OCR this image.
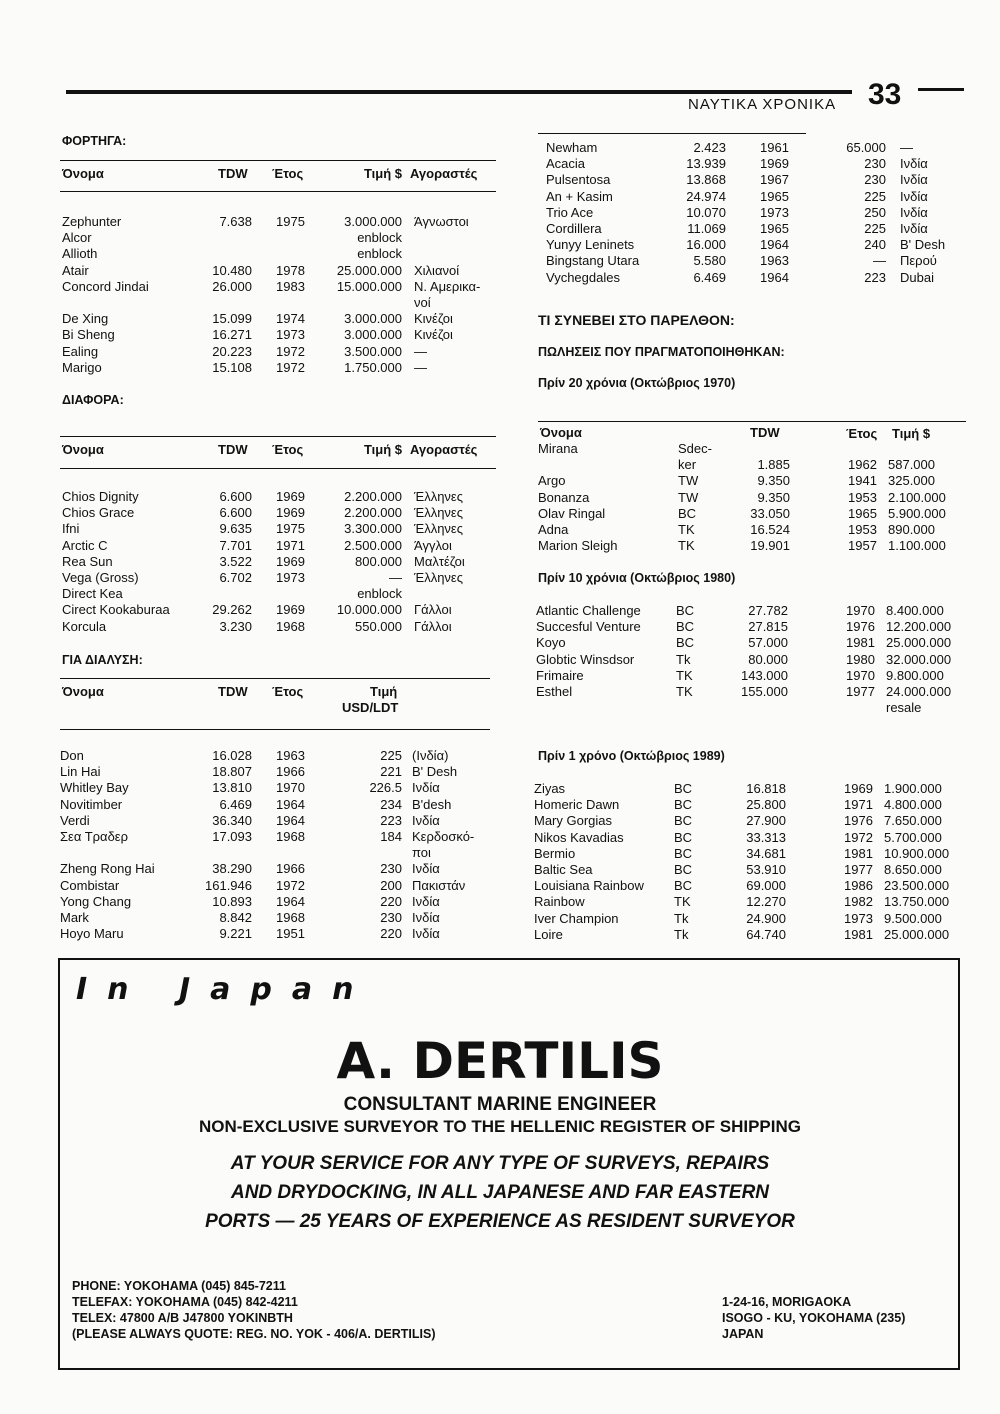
ΝΑΥΤΙΚΑ ΧΡΟΝΙΚΑ 33
ΦΟΡΤΗΓΑ:
Όνομα	TDW Έτος	Τιμή $ Αγοραστές
Zephunter	7.638 1975	3.000.000 Άγνωστοι
Alcor	enblock
Allioth	enblock
Atair	10.480 1978	25.000.000 Χιλιανοί
Concord Jindai	26.000 1983	15.000.000 Ν. Αμερικα-
νοί
De Xing	15.099 1974	3.000.000 Κινέζοι
Bi Sheng	16.271 1973	3.000.000 Κινέζοι
Ealing	20.223 1972	3.500.000 —
Marigo	15.108 1972	1.750.000 —
ΔΙΑΦΟΡΑ:
Όνομα	TDW Έτος	Τιμή $ Αγοραστές
Chios Dignity	6.600 1969	2.200.000 Έλληνες
Chios Grace	6.600 1969	2.200.000 Έλληνες
Ifni	9.635 1975	3.300.000 Έλληνες
Arctic C	7.701 1971	2.500.000 Άγγλοι
Rea Sun	3.522 1969	800.000 Μαλτέζοι
Vega (Gross)	6.702 1973	— Έλληνες
Direct Kea	enblock
Cirect Kookaburaa	29.262 1969	10.000.000 Γάλλοι
Korcula	3.230 1968	550.000 Γάλλοι
ΓΙΑ ΔΙΑΛΥΣΗ:
Όνομα	TDW Έτος	Τιμή
USD/LDT
Don	16.028 1963	225 (Ινδία)
Lin Hai	18.807 1966	221 B' Desh
Whitley Bay	13.810 1970	226.5 Ινδία
Novitimber	6.469 1964	234 B'desh
Verdi	36.340 1964	223 Ινδία
Σεα Τραδερ	17.093 1968	184 Κερδοσκό-
ποι
Zheng Rong Hai	38.290 1966	230 Ινδία
Combistar	161.946 1972	200 Πακιστάν
Yong Chang	10.893 1964	220 Ινδία
Mark	8.842 1968	230 Ινδία
Hoyo Maru	9.221 1951	220 Ινδία
Newham	2.423	1961	65.000 —
Acacia	13.939	1969	230 Ινδία
Pulsentosa	13.868	1967	230 Ινδία
An + Kasim	24.974	1965	225 Ινδία
Trio Ace	10.070	1973	250 Ινδία
Cordillera	11.069	1965	225 Ινδία
Yunyy Leninets	16.000	1964	240 B' Desh
Bingstang Utara	5.580	1963	— Περού
Vychegdales	6.469	1964	223 Dubai
ΤΙ ΣΥΝΕΒΕΙ ΣΤΟ ΠΑΡΕΛΘΟΝ:
ΠΩΛΗΣΕΙΣ ΠΟΥ ΠΡΑΓΜΑΤΟΠΟΙΗΘΗΚΑΝ:
Πρίν 20 χρόνια (Οκτώβριος 1970)
Όνομα	TDW	Έτος Τιμή $
Mirana	Sdec-
ker	1.885	1962 587.000
Argo	TW	9.350	1941 325.000
Bonanza	TW	9.350	1953 2.100.000
Olav Ringal	BC	33.050	1965 5.900.000
Adna	TK	16.524	1953 890.000
Marion Sleigh	TK	19.901	1957 1.100.000
Πρίν 10 χρόνια (Οκτώβριος 1980)
Atlantic Challenge	BC	27.782	1970 8.400.000
Succesful Venture	BC	27.815	1976 12.200.000
Koyo	BC	57.000	1981 25.000.000
Globtic Winsdsor	Tk	80.000	1980 32.000.000
Frimaire	TK	143.000	1970 9.800.000
Esthel	TK	155.000	1977 24.000.000
resale
Πρίν 1 χρόνο (Οκτώβριος 1989)
Ziyas	BC	16.818	1969 1.900.000
Homeric Dawn	BC	25.800	1971 4.800.000
Mary Gorgias	BC	27.900	1976 7.650.000
Nikos Kavadias	BC	33.313	1972 5.700.000
Bermio	BC	34.681	1981 10.900.000
Baltic Sea	BC	53.910	1977 8.650.000
Louisiana Rainbow BC	69.000	1986 23.500.000
Rainbow	TK	12.270	1982 13.750.000
Iver Champion	Tk	24.900	1973 9.500.000
Loire	Tk	64.740	1981 25.000.000
In Japan
A. DERTILIS
CONSULTANT MARINE ENGINEER
NON-EXCLUSIVE SURVEYOR TO THE HELLENIC REGISTER OF SHIPPING
AT YOUR SERVICE FOR ANY TYPE OF SURVEYS, REPAIRS
AND DRYDOCKING, IN ALL JAPANESE AND FAR EASTERN
PORTS — 25 YEARS OF EXPERIENCE AS RESIDENT SURVEYOR
PHONE: YOKOHAMA (045) 845-7211
TELEFAX: YOKOHAMA (045) 842-4211
TELEX: 47800 A/B J47800 YOKINBTH
(PLEASE ALWAYS QUOTE: REG. NO. YOK - 406/A. DERTILIS)
1-24-16, MORIGAOKA
ISOGO - KU, YOKOHAMA (235)
JAPAN
